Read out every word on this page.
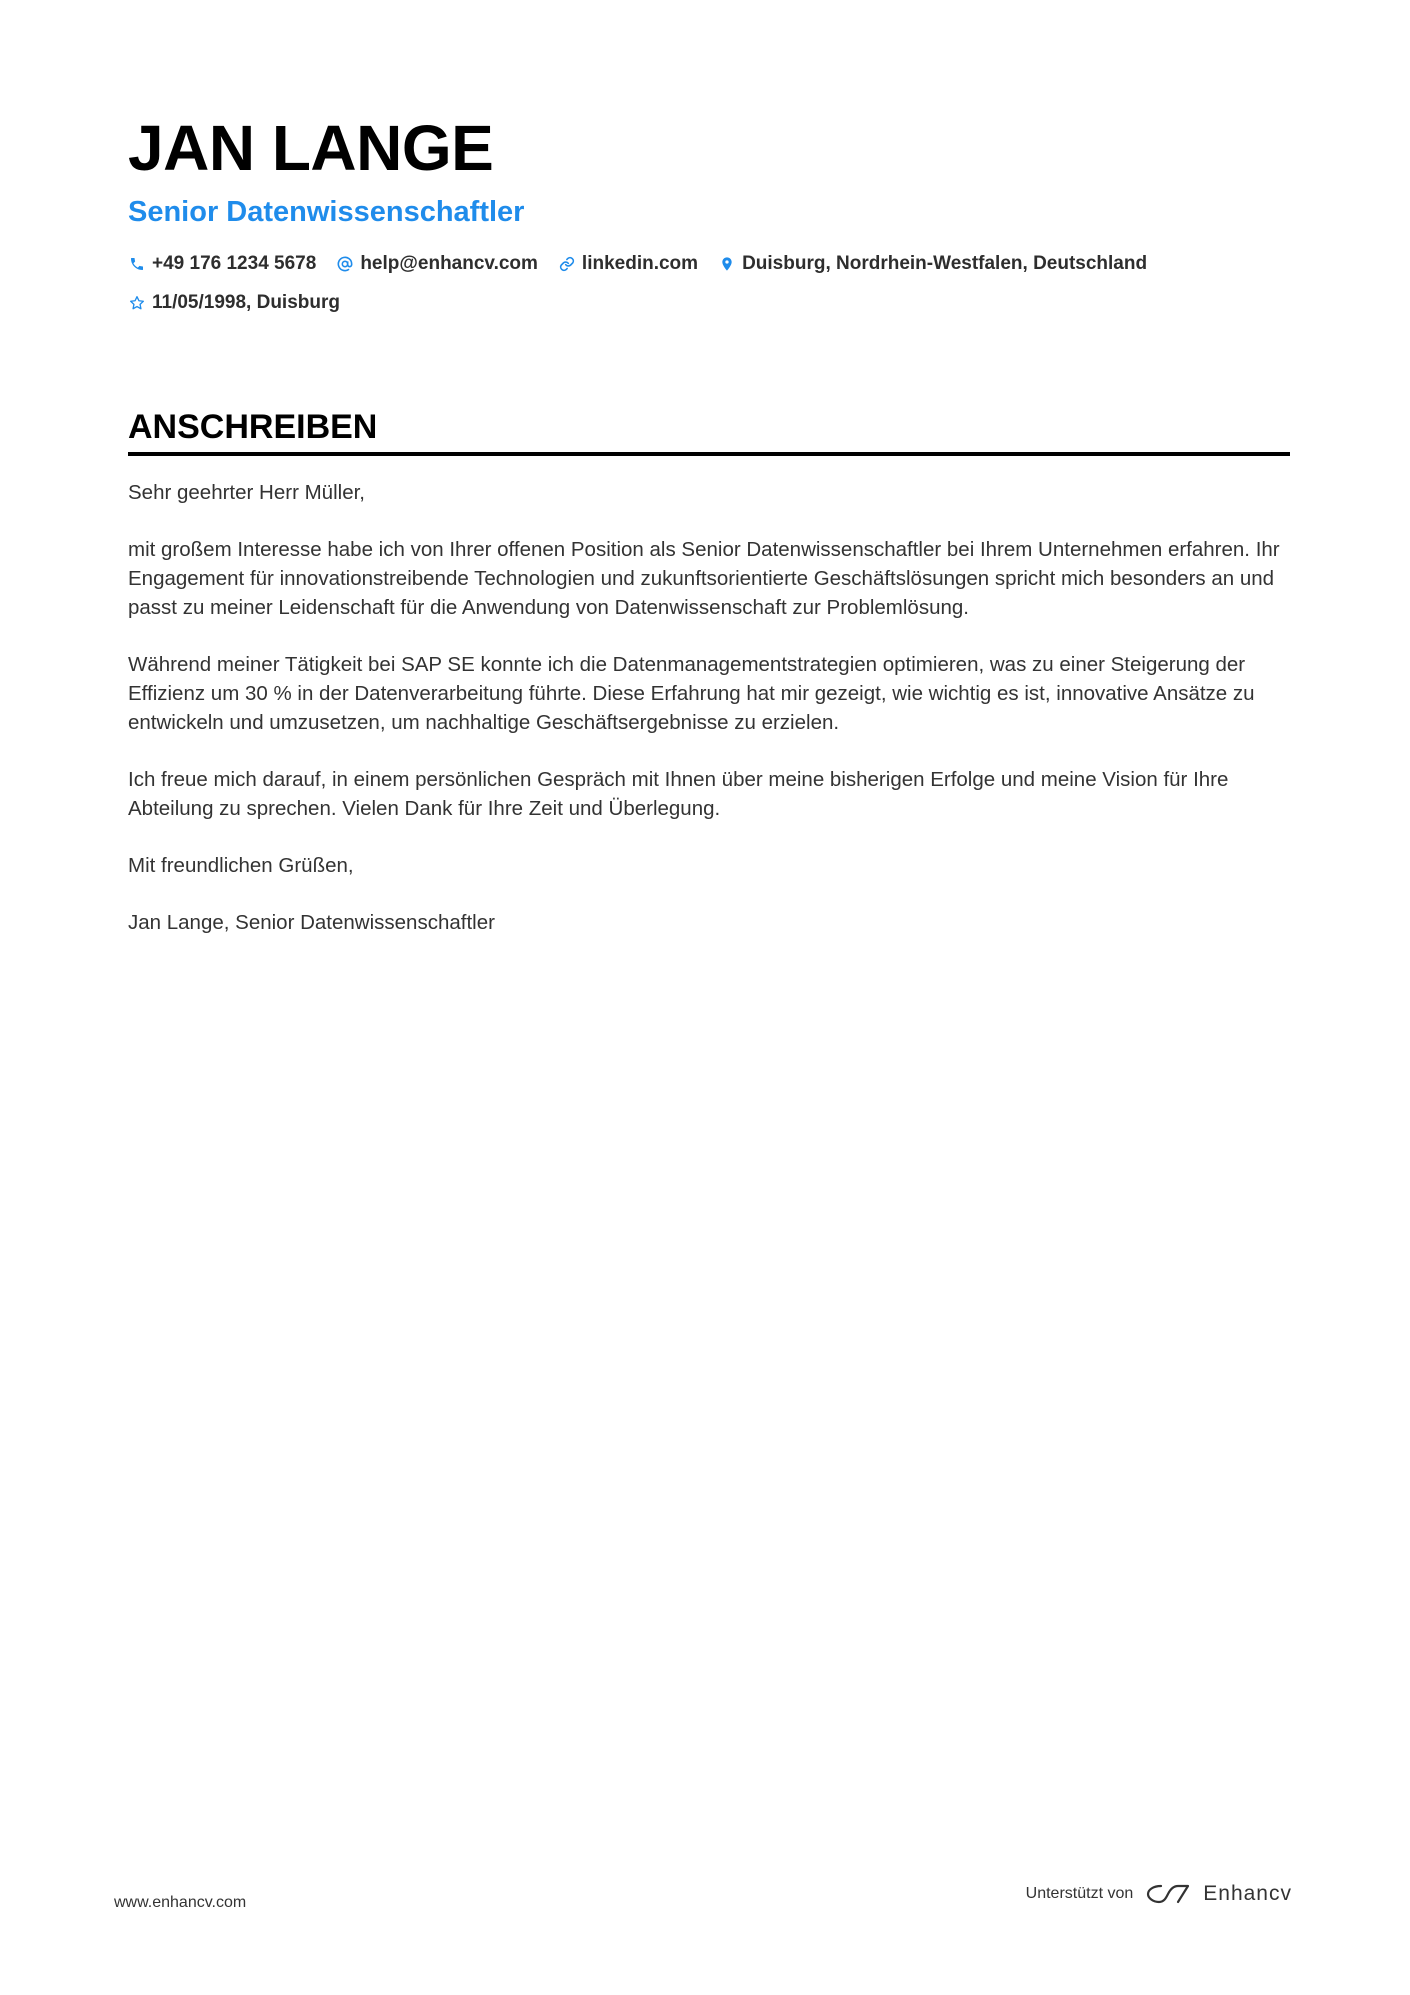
JAN LANGE
Senior Datenwissenschaftler
+49 176 1234 5678 help@enhancv.com linkedin.com Duisburg, Nordrhein-Westfalen, Deutschland
11/05/1998, Duisburg
ANSCHREIBEN

Sehr geehrter Herr Müller,

mit großem Interesse habe ich von Ihrer offenen Position als Senior Datenwissenschaftler bei Ihrem Unternehmen erfahren. Ihr Engagement für innovationstreibende Technologien und zukunftsorientierte Geschäftslösungen spricht mich besonders an und passt zu meiner Leidenschaft für die Anwendung von Datenwissenschaft zur Problemlösung.

Während meiner Tätigkeit bei SAP SE konnte ich die Datenmanagementstrategien optimieren, was zu einer Steigerung der Effizienz um 30 % in der Datenverarbeitung führte. Diese Erfahrung hat mir gezeigt, wie wichtig es ist, innovative Ansätze zu entwickeln und umzusetzen, um nachhaltige Geschäftsergebnisse zu erzielen.

Ich freue mich darauf, in einem persönlichen Gespräch mit Ihnen über meine bisherigen Erfolge und meine Vision für Ihre Abteilung zu sprechen. Vielen Dank für Ihre Zeit und Überlegung.

Mit freundlichen Grüßen,

Jan Lange, Senior Datenwissenschaftler

www.enhancv.com
Unterstützt von	Enhancv
